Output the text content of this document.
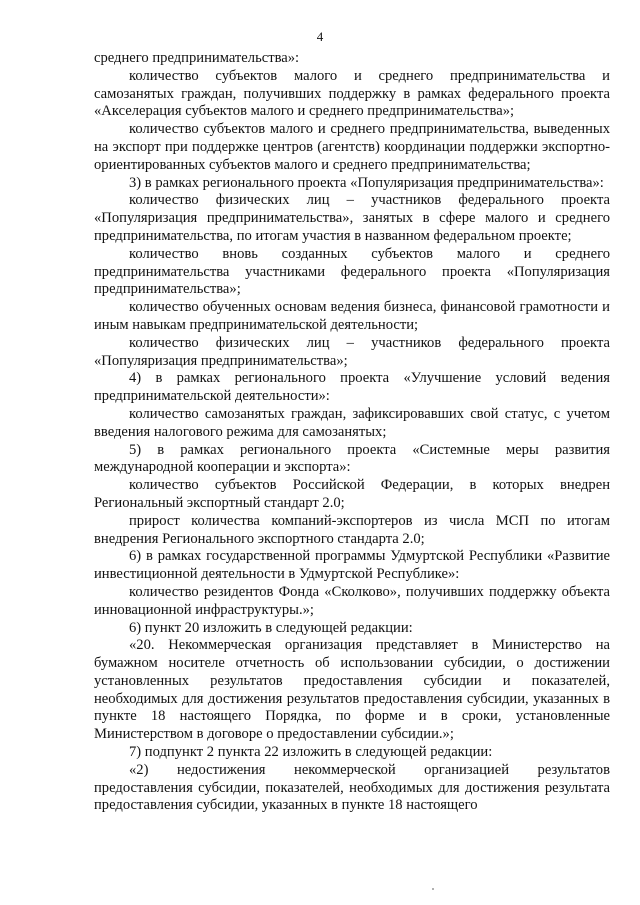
4

среднего предпринимательства»:

количество субъектов малого и среднего предпринимательства и самозанятых граждан, получивших поддержку в рамках федерального проекта «Акселерация субъектов малого и среднего предпринимательства»;

количество субъектов малого и среднего предпринимательства, выведенных на экспорт при поддержке центров (агентств) координации поддержки экспортно-ориентированных субъектов малого и среднего предпринимательства;

3) в рамках регионального проекта «Популяризация предпринимательства»:

количество физических лиц – участников федерального проекта «Популяризация предпринимательства», занятых в сфере малого и среднего предпринимательства, по итогам участия в названном федеральном проекте;

количество вновь созданных субъектов малого и среднего предпринимательства участниками федерального проекта «Популяризация предпринимательства»;

количество обученных основам ведения бизнеса, финансовой грамотности и иным навыкам предпринимательской деятельности;

количество физических лиц – участников федерального проекта «Популяризация предпринимательства»;

4) в рамках регионального проекта «Улучшение условий ведения предпринимательской деятельности»:

количество самозанятых граждан, зафиксировавших свой статус, с учетом введения налогового режима для самозанятых;

5) в рамках регионального проекта «Системные меры развития международной кооперации и экспорта»:

количество субъектов Российской Федерации, в которых внедрен Региональный экспортный стандарт 2.0;

прирост количества компаний-экспортеров из числа МСП по итогам внедрения Регионального экспортного стандарта 2.0;

6) в рамках государственной программы Удмуртской Республики «Развитие инвестиционной деятельности в Удмуртской Республике»:

количество резидентов Фонда «Сколково», получивших поддержку объекта инновационной инфраструктуры.»;

6) пункт 20 изложить в следующей редакции:

«20. Некоммерческая организация представляет в Министерство на бумажном носителе отчетность об использовании субсидии, о достижении установленных результатов предоставления субсидии и показателей, необходимых для достижения результатов предоставления субсидии, указанных в пункте 18 настоящего Порядка, по форме и в сроки, установленные Министерством в договоре о предоставлении субсидии.»;

7) подпункт 2 пункта 22 изложить в следующей редакции:

«2) недостижения некоммерческой организацией результатов предоставления субсидии, показателей, необходимых для достижения результата предоставления субсидии, указанных в пункте 18 настоящего
